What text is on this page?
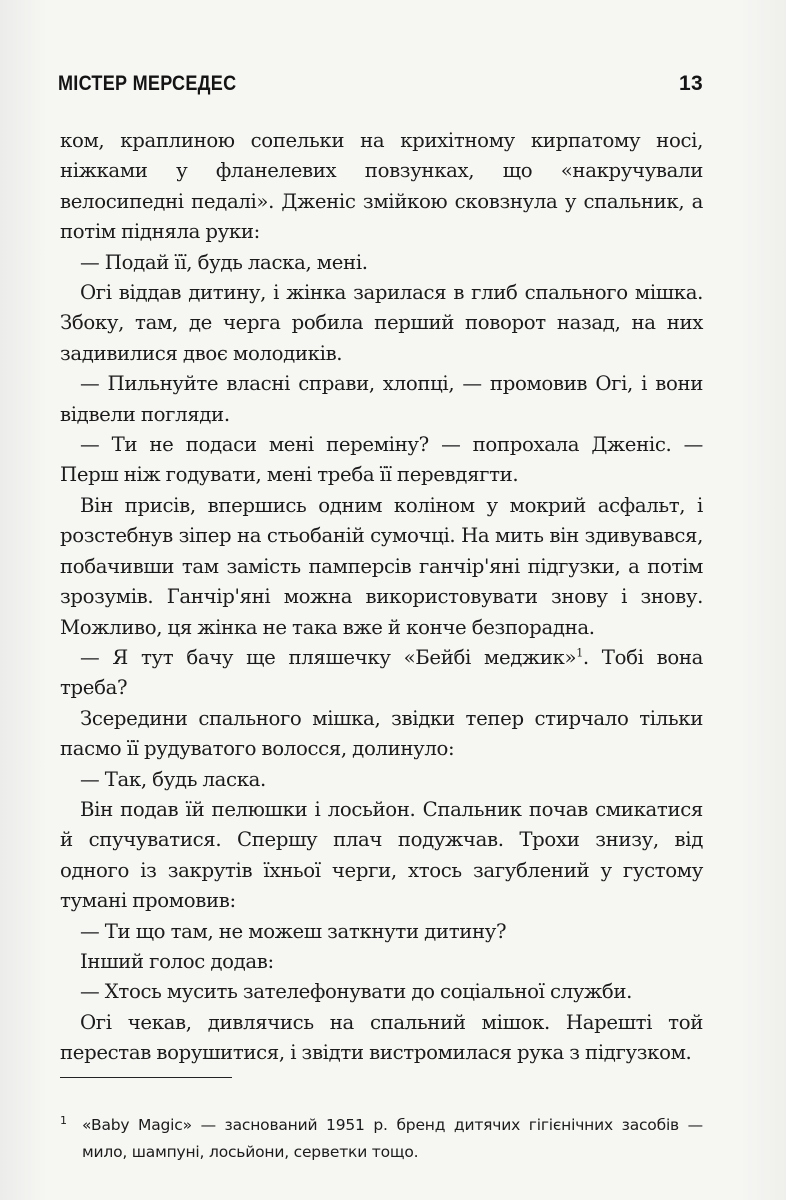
МІСТЕР МЕРСЕДЕС	13

ком, краплиною сопельки на крихітному кирпатому носі, ніжками у фланелевих повзунках, що «накручували велосипедні педалі». Дженіс змійкою сковзнула у спальник, а потім підняла руки:

— Подай її, будь ласка, мені.

Огі віддав дитину, і жінка зарилася в глиб спального мішка. Збоку, там, де черга робила перший поворот назад, на них задивилися двоє молодиків.

— Пильнуйте власні справи, хлопці, — промовив Огі, і вони відвели погляди.

— Ти не подаси мені переміну? — попрохала Дженіс. — Перш ніж годувати, мені треба її перевдягти.

Він присів, впершись одним коліном у мокрий асфальт, і розстебнув зіпер на стьобаній сумочці. На мить він здивувався, побачивши там замість памперсів ганчір'яні підгузки, а потім зрозумів. Ганчір'яні можна використовувати знову і знову. Можливо, ця жінка не така вже й конче безпорадна.

— Я тут бачу ще пляшечку «Бейбі меджик»$^1$. Тобі вона треба?

Зсередини спального мішка, звідки тепер стирчало тільки пасмо її рудуватого волосся, долинуло:

— Так, будь ласка.

Він подав їй пелюшки і лосьйон. Спальник почав смикатися й спучуватися. Спершу плач подужчав. Трохи знизу, від одного із закрутів їхньої черги, хтось загублений у густому тумані промовив:

— Ти що там, не можеш заткнути дитину?

Інший голос додав:

— Хтось мусить зателефонувати до соціальної служби.

Огі чекав, дивлячись на спальний мішок. Нарешті той перестав ворушитися, і звідти вистромилася рука з підгузком.

1 «Baby Magic» — заснований 1951 р. бренд дитячих гігієнічних засобів — мило, шампуні, лосьйони, серветки тощо.
